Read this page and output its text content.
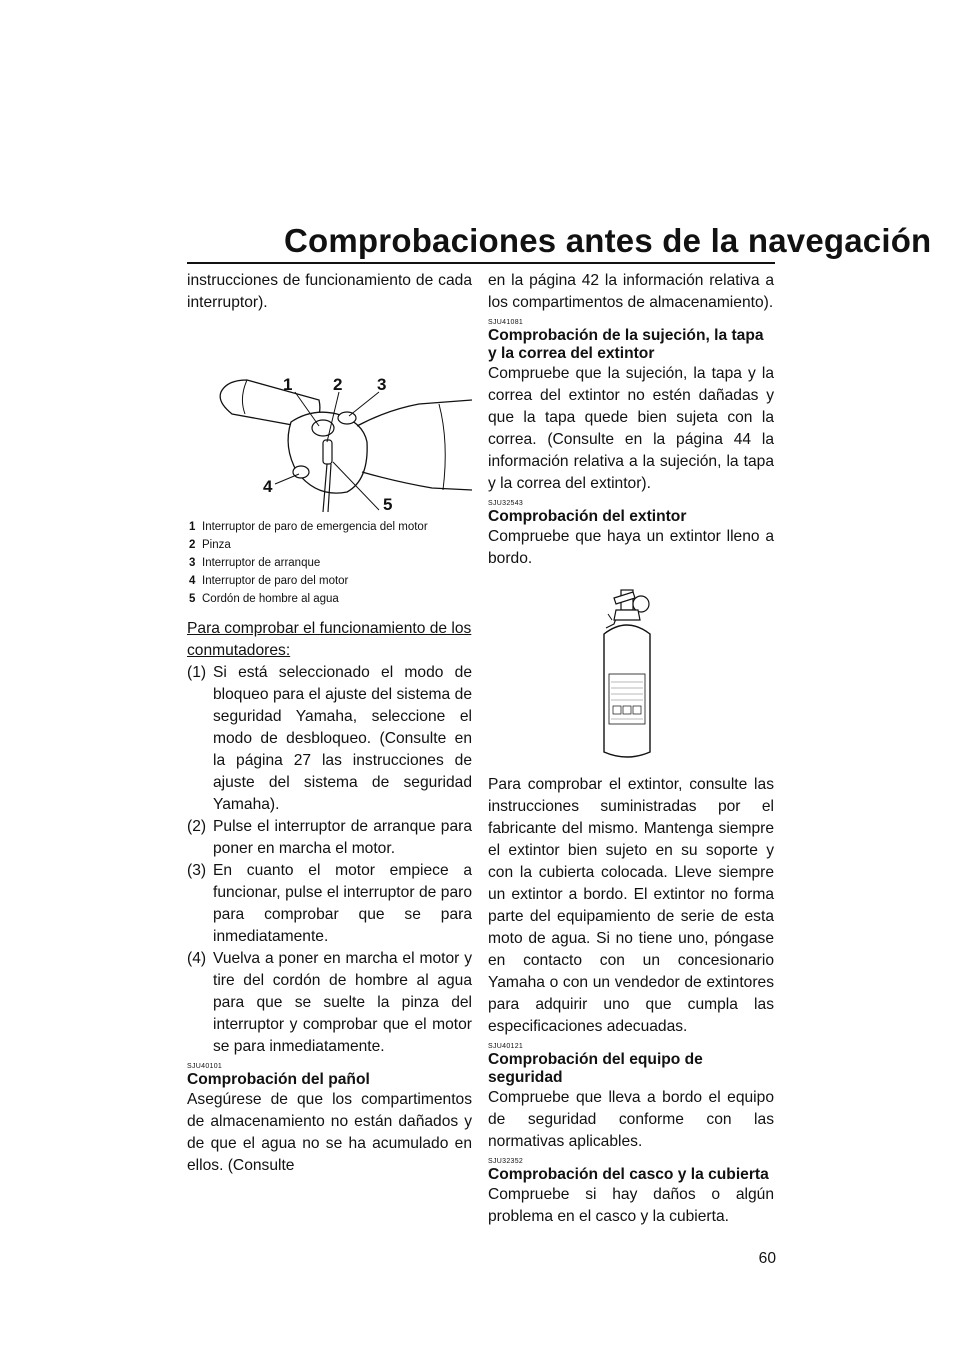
Comprobaciones antes de la navegación

instrucciones de funcionamiento de cada interruptor).

1 2 3
4
5
1 Interruptor de paro de emergencia del motor
2 Pinza
3 Interruptor de arranque
4 Interruptor de paro del motor
5 Cordón de hombre al agua

Para comprobar el funcionamiento de los conmutadores:

(1) Si está seleccionado el modo de bloqueo para el ajuste del sistema de seguridad Yamaha, seleccione el modo de desbloqueo. (Consulte en la página 27 las instrucciones de ajuste del sistema de seguridad Yamaha).
(2) Pulse el interruptor de arranque para poner en marcha el motor.
(3) En cuanto el motor empiece a funcionar, pulse el interruptor de paro para comprobar que se para inmediatamente.
(4) Vuelva a poner en marcha el motor y tire del cordón de hombre al agua para que se suelte la pinza del interruptor y comprobar que el motor se para inmediatamente.
SJU40101
Comprobación del pañol

Asegúrese de que los compartimentos de almacenamiento no están dañados y de que el agua no se ha acumulado en ellos. (Consulte

en la página 42 la información relativa a los compartimentos de almacenamiento).

SJU41081
Comprobación de la sujeción, la tapa y la correa del extintor

Compruebe que la sujeción, la tapa y la correa del extintor no estén dañadas y que la tapa quede bien sujeta con la correa. (Consulte en la página 44 la información relativa a la sujeción, la tapa y la correa del extintor).

SJU32543
Comprobación del extintor

Compruebe que haya un extintor lleno a bordo.

Para comprobar el extintor, consulte las instrucciones suministradas por el fabricante del mismo. Mantenga siempre el extintor bien sujeto en su soporte y con la cubierta colocada. Lleve siempre un extintor a bordo. El extintor no forma parte del equipamiento de serie de esta moto de agua. Si no tiene uno, póngase en contacto con un concesionario Yamaha o con un vendedor de extintores para adquirir uno que cumpla las especificaciones adecuadas.

SJU40121
Comprobación del equipo de seguridad

Compruebe que lleva a bordo el equipo de seguridad conforme con las normativas aplicables.

SJU32352
Comprobación del casco y la cubierta

Compruebe si hay daños o algún problema en el casco y la cubierta.

60
